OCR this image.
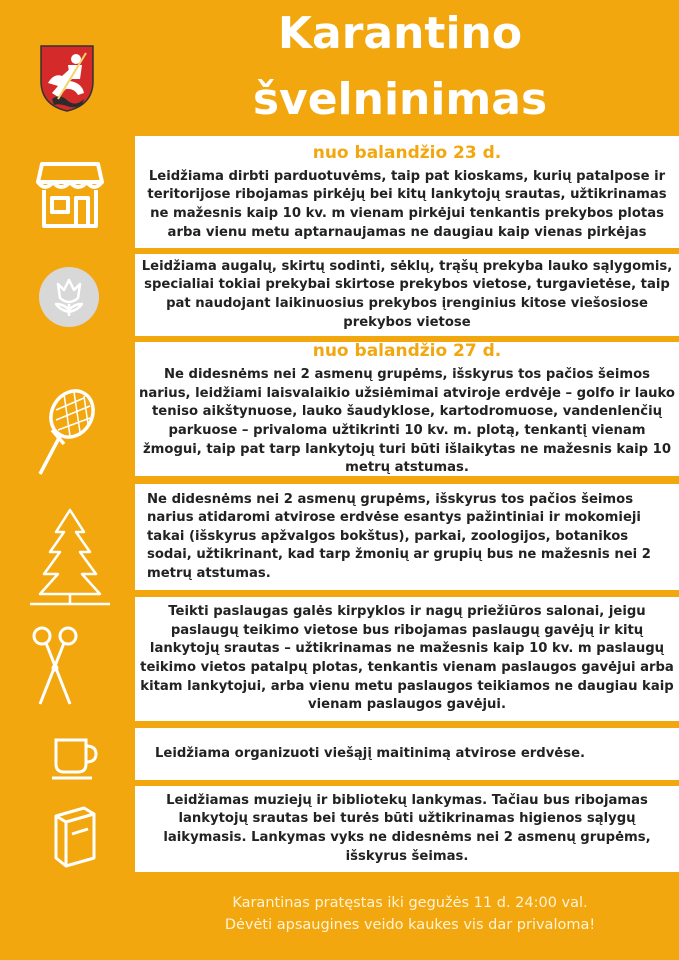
Karantino
švelninimas
nuo balandžio 23 d.
Leidžiama dirbti parduotuvėms, taip pat kioskams, kurių patalpose ir teritorijose ribojamas pirkėjų bei kitų lankytojų srautas, užtikrinamas ne mažesnis kaip 10 kv. m vienam pirkėjui tenkantis prekybos plotas arba vienu metu aptarnaujamas ne daugiau kaip vienas pirkėjas
Leidžiama augalų, skirtų sodinti, sėklų, trąšų prekyba lauko sąlygomis, specialiai tokiai prekybai skirtose prekybos vietose, turgavietėse, taip pat naudojant laikinuosius prekybos įrenginius kitose viešosiose prekybos vietose
nuo balandžio 27 d.
Ne didesnėms nei 2 asmenų grupėms, išskyrus tos pačios šeimos narius, leidžiami laisvalaikio užsiėmimai atviroje erdvėje – golfo ir lauko teniso aikštynuose, lauko šaudyklose, kartodromuose, vandenlenčių parkuose – privaloma užtikrinti 10 kv. m. plotą, tenkantį vienam žmogui, taip pat tarp lankytojų turi būti išlaikytas ne mažesnis kaip 10 metrų atstumas.
Ne didesnėms nei 2 asmenų grupėms, išskyrus tos pačios šeimos narius atidaromi atvirose erdvėse esantys pažintiniai ir mokomieji takai (išskyrus apžvalgos bokštus), parkai, zoologijos, botanikos sodai, užtikrinant, kad tarp žmonių ar grupių bus ne mažesnis nei 2 metrų atstumas.
Teikti paslaugas galės kirpyklos ir nagų priežiūros salonai, jeigu paslaugų teikimo vietose bus ribojamas paslaugų gavėjų ir kitų lankytojų srautas – užtikrinamas ne mažesnis kaip 10 kv. m paslaugų teikimo vietos patalpų plotas, tenkantis vienam paslaugos gavėjui arba kitam lankytojui, arba vienu metu paslaugos teikiamos ne daugiau kaip vienam paslaugos gavėjui.
Leidžiama organizuoti viešąjį maitinimą atvirose erdvėse.
Leidžiamas muziejų ir bibliotekų lankymas. Tačiau bus ribojamas lankytojų srautas bei turės būti užtikrinamas higienos sąlygų laikymasis. Lankymas vyks ne didesnėms nei 2 asmenų grupėms, išskyrus šeimas.
Karantinas pratęstas iki gegužės 11 d. 24:00 val.
Dėvėti apsaugines veido kaukes vis dar privaloma!
